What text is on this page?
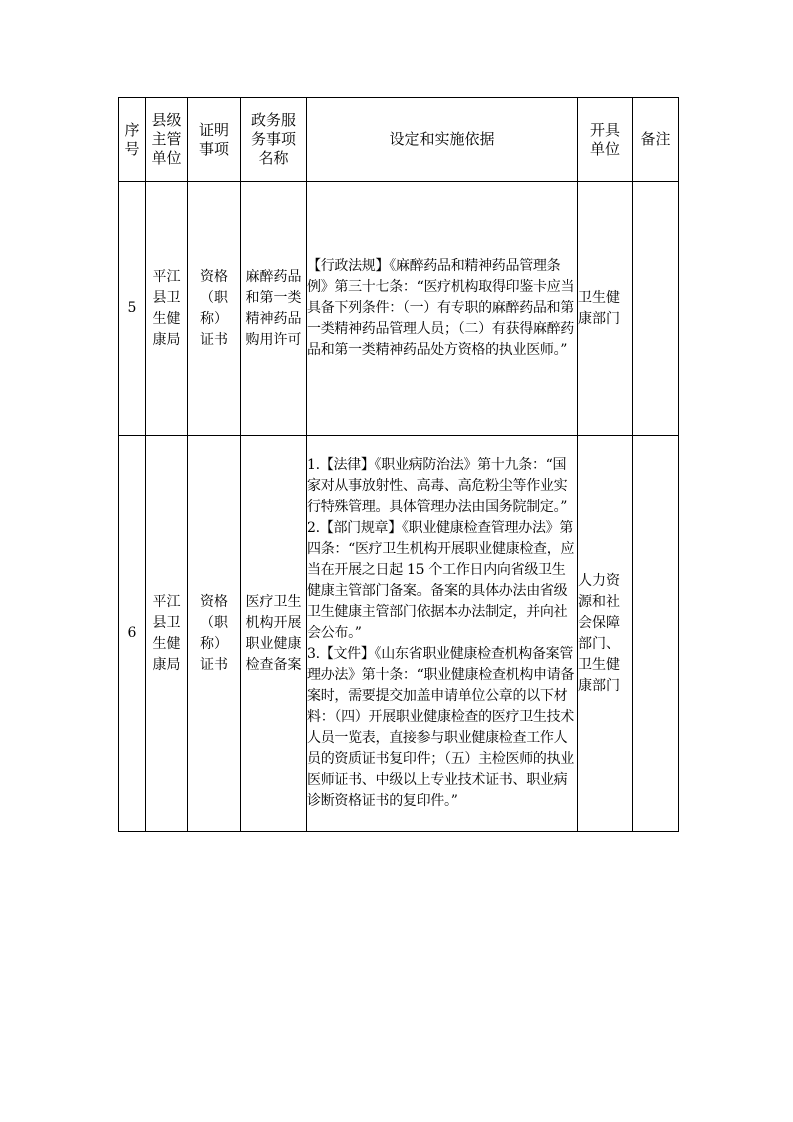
序号	县级主管单位	证明事项	政务服务事项名称	设定和实施依据	开具单位	备注
5	平江县卫生健康局	资格（职称）证书	麻醉药品和第一类精神药品购用许可	【行政法规】《麻醉药品和精神药品管理条例》第三十七条：“医疗机构取得印鉴卡应当具备下列条件：（一）有专职的麻醉药品和第一类精神药品管理人员；（二）有获得麻醉药品和第一类精神药品处方资格的执业医师。”	卫生健康部门	
6	平江县卫生健康局	资格（职称）证书	医疗卫生机构开展职业健康检查备案	1.【法律】《职业病防治法》第十九条：“国家对从事放射性、高毒、高危粉尘等作业实行特殊管理。具体管理办法由国务院制定。”

2.【部门规章】《职业健康检查管理办法》第四条：“医疗卫生机构开展职业健康检查，应当在开展之日起 15 个工作日内向省级卫生健康主管部门备案。备案的具体办法由省级卫生健康主管部门依据本办法制定，并向社会公布。”

3.【文件】《山东省职业健康检查机构备案管理办法》第十条：“职业健康检查机构申请备案时，需要提交加盖申请单位公章的以下材料：（四）开展职业健康检查的医疗卫生技术人员一览表，直接参与职业健康检查工作人员的资质证书复印件；（五）主检医师的执业医师证书、中级以上专业技术证书、职业病诊断资格证书的复印件。”	人力资源和社会保障部门、卫生健康部门	
